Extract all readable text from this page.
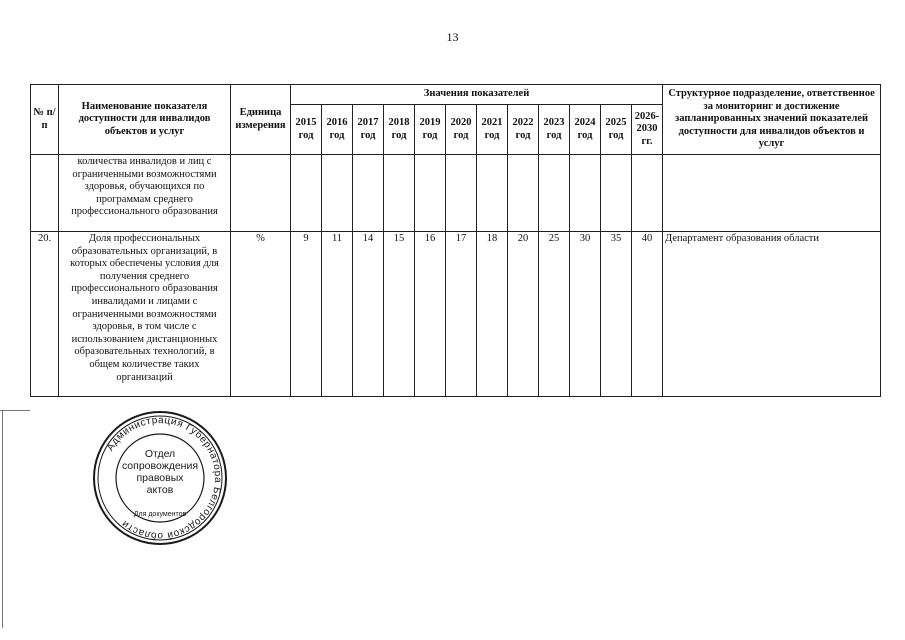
13
№ п/п	Наименование показателя доступности для инвалидов объектов и услуг	Единица измерения	Значения показателей												Структурное подразделение, ответственное за мониторинг и достижение запланированных значений показателей доступности для инвалидов объектов и услуг
			2015 год	2016 год	2017 год	2018 год	2019 год	2020 год	2021 год	2022 год	2023 год	2024 год	2025 год	2026-2030 гг.	
	количества инвалидов и лиц с ограниченными возможностями здоровья, обучающихся по программам среднего профессионального образования														
20.	Доля профессиональных образовательных организаций, в которых обеспечены условия для получения среднего профессионального образования инвалидами и лицами с ограниченными возможностями здоровья, в том числе с использованием дистанционных образовательных технологий, в общем количестве таких организаций	%	9	11	14	15	16	17	18	20	25	30	35	40	Департамент образования области
Администрация Губернатора Белгородской области
Отдел
сопровождения
правовых
актов
Для документов
